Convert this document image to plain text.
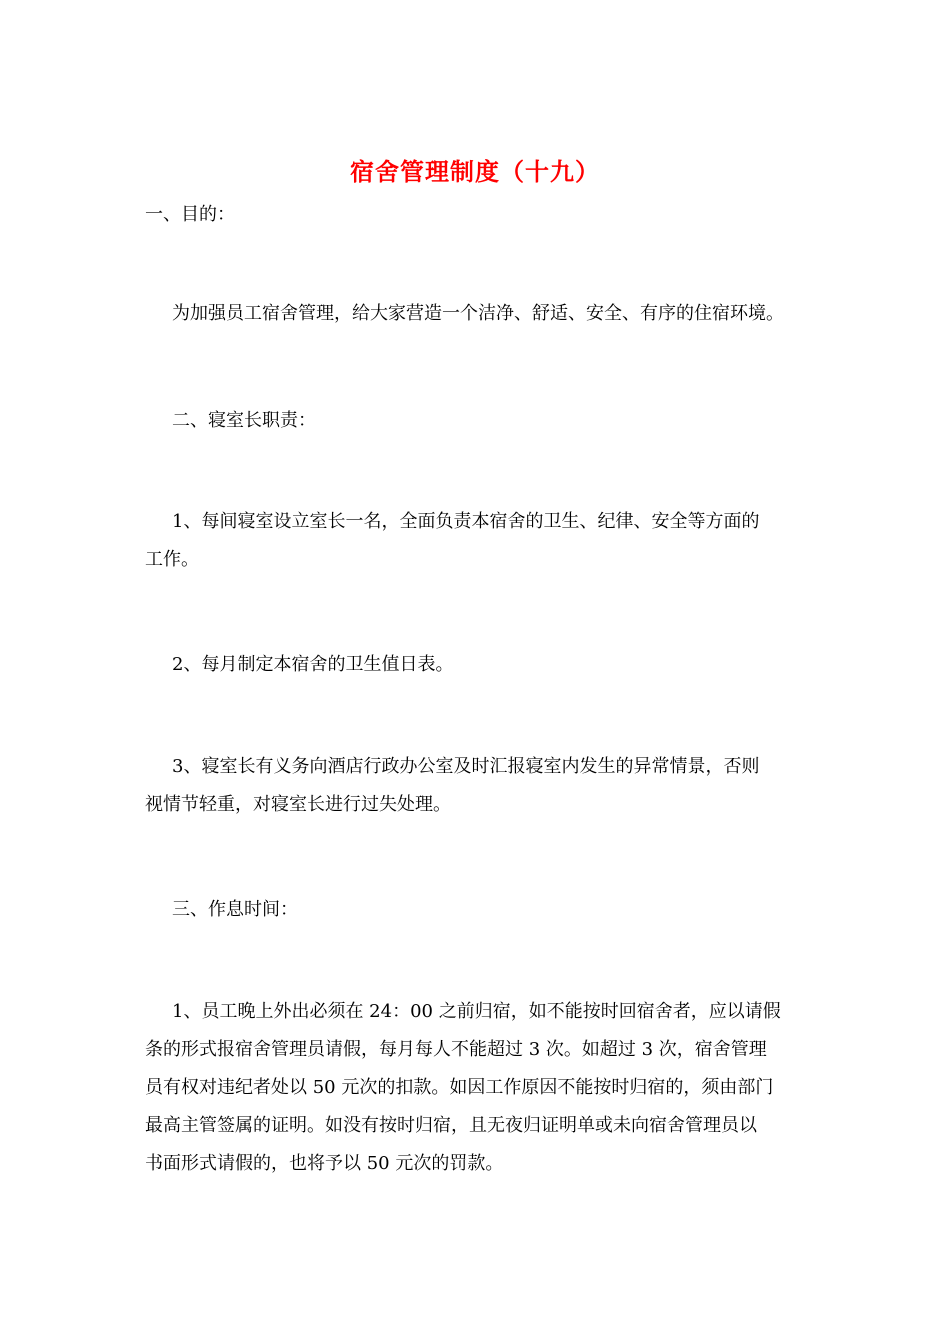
宿舍管理制度（十九）
一、目的：
为加强员工宿舍管理，给大家营造一个洁净、舒适、安全、有序的住宿环境。
二、寝室长职责：
1、每间寝室设立室长一名，全面负责本宿舍的卫生、纪律、安全等方面的
工作。
2、每月制定本宿舍的卫生值日表。
3、寝室长有义务向酒店行政办公室及时汇报寝室内发生的异常情景，否则
视情节轻重，对寝室长进行过失处理。
三、作息时间：
1、员工晚上外出必须在 24：00 之前归宿，如不能按时回宿舍者，应以请假
条的形式报宿舍管理员请假，每月每人不能超过 3 次。如超过 3 次，宿舍管理
员有权对违纪者处以 50 元次的扣款。如因工作原因不能按时归宿的，须由部门
最高主管签属的证明。如没有按时归宿，且无夜归证明单或未向宿舍管理员以
书面形式请假的，也将予以 50 元次的罚款。
